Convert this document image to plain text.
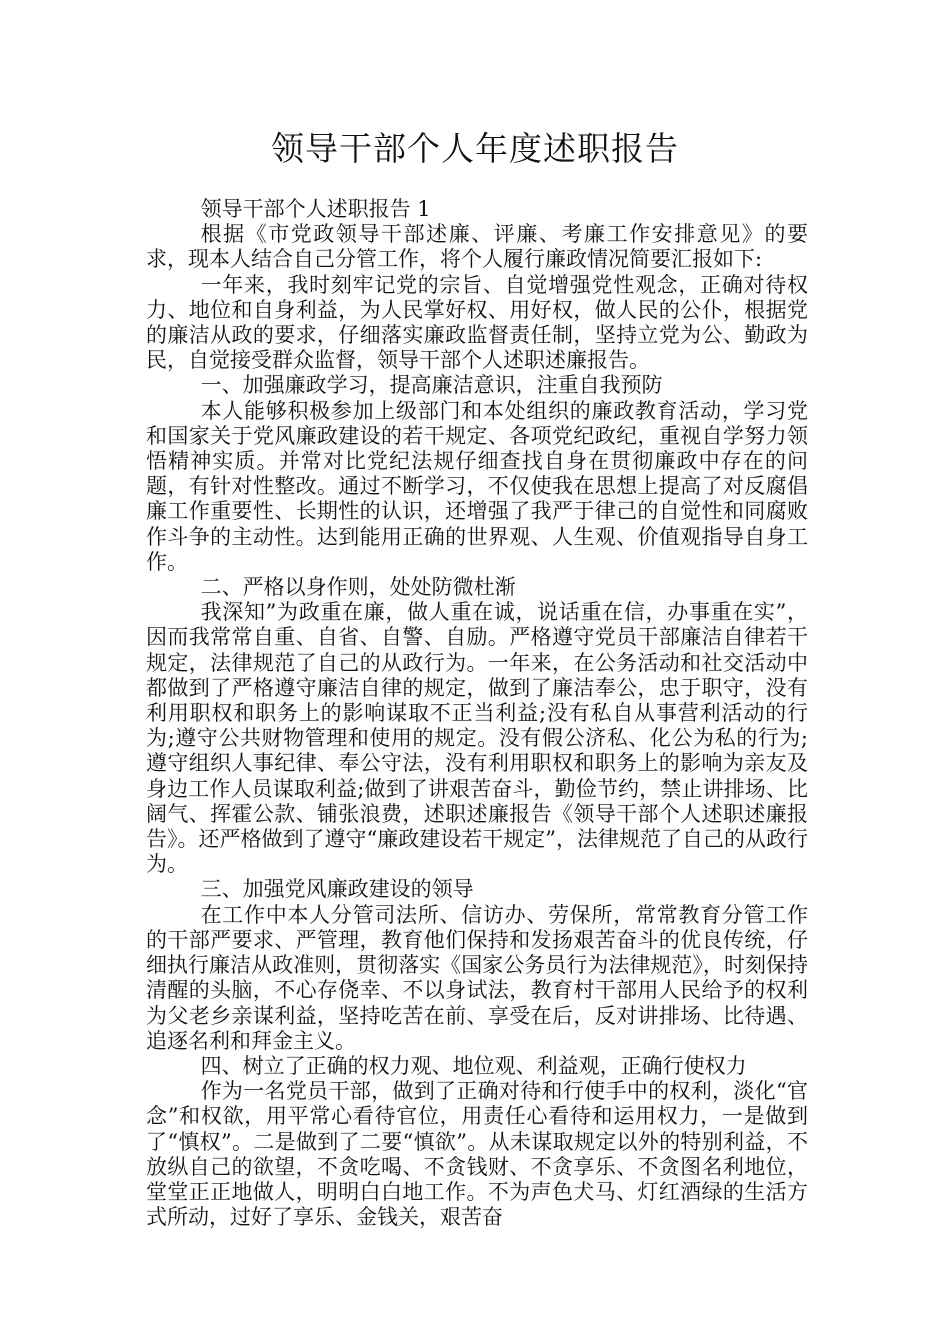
领导干部个人年度述职报告

领导干部个人述职报告 1

根据《市党政领导干部述廉、评廉、考廉工作安排意见》的要求，现本人结合自己分管工作，将个人履行廉政情况简要汇报如下:

一年来，我时刻牢记党的宗旨、自觉增强党性观念，正确对待权力、地位和自身利益，为人民掌好权、用好权，做人民的公仆，根据党的廉洁从政的要求，仔细落实廉政监督责任制，坚持立党为公、勤政为民，自觉接受群众监督，领导干部个人述职述廉报告。

一、加强廉政学习，提高廉洁意识，注重自我预防

本人能够积极参加上级部门和本处组织的廉政教育活动，学习党和国家关于党风廉政建设的若干规定、各项党纪政纪，重视自学努力领悟精神实质。并常对比党纪法规仔细查找自身在贯彻廉政中存在的问题，有针对性整改。通过不断学习，不仅使我在思想上提高了对反腐倡廉工作重要性、长期性的认识，还增强了我严于律己的自觉性和同腐败作斗争的主动性。达到能用正确的世界观、人生观、价值观指导自身工作。

二、严格以身作则，处处防微杜渐

我深知”为政重在廉，做人重在诚，说话重在信，办事重在实”，因而我常常自重、自省、自警、自励。严格遵守党员干部廉洁自律若干规定，法律规范了自己的从政行为。一年来，在公务活动和社交活动中都做到了严格遵守廉洁自律的规定，做到了廉洁奉公，忠于职守，没有利用职权和职务上的影响谋取不正当利益;没有私自从事营利活动的行为;遵守公共财物管理和使用的规定。没有假公济私、化公为私的行为;遵守组织人事纪律、奉公守法，没有利用职权和职务上的影响为亲友及身边工作人员谋取利益;做到了讲艰苦奋斗，勤俭节约，禁止讲排场、比阔气、挥霍公款、铺张浪费，述职述廉报告《领导干部个人述职述廉报告》。还严格做到了遵守“廉政建设若干规定”，法律规范了自己的从政行为。

三、加强党风廉政建设的领导

在工作中本人分管司法所、信访办、劳保所，常常教育分管工作的干部严要求、严管理，教育他们保持和发扬艰苦奋斗的优良传统，仔细执行廉洁从政准则，贯彻落实《国家公务员行为法律规范》，时刻保持清醒的头脑，不心存侥幸、不以身试法，教育村干部用人民给予的权利为父老乡亲谋利益，坚持吃苦在前、享受在后，反对讲排场、比待遇、追逐名利和拜金主义。

四、树立了正确的权力观、地位观、利益观，正确行使权力

作为一名党员干部，做到了正确对待和行使手中的权利，淡化“官念”和权欲，用平常心看待官位，用责任心看待和运用权力，一是做到了“慎权”。二是做到了二要“慎欲”。从未谋取规定以外的特别利益，不放纵自己的欲望，不贪吃喝、不贪钱财、不贪享乐、不贪图名利地位，堂堂正正地做人，明明白白地工作。不为声色犬马、灯红酒绿的生活方式所动，过好了享乐、金钱关，艰苦奋
